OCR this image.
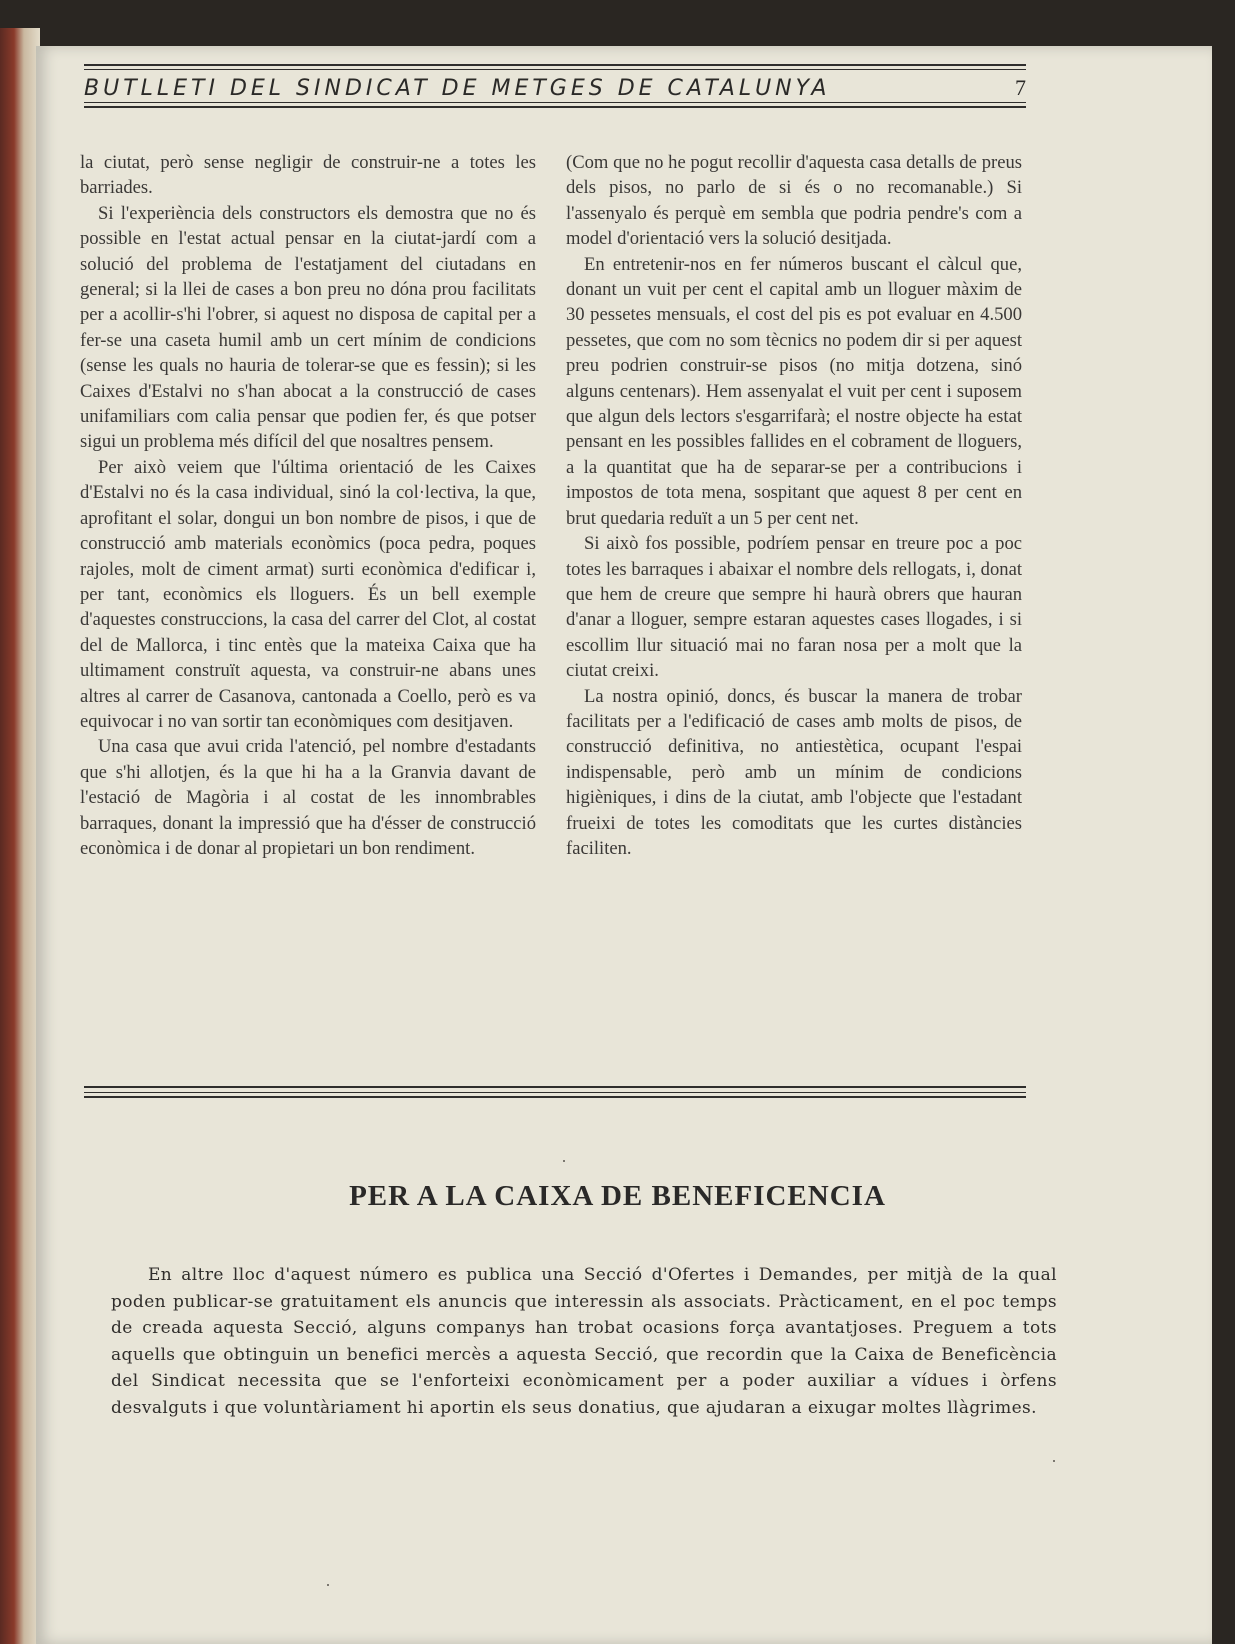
BUTLLETI DEL SINDICAT DE METGES DE CATALUNYA	7

la ciutat, però sense negligir de construir-ne a totes les barriades.

Si l'experiència dels constructors els demostra que no és possible en l'estat actual pensar en la ciutat-jardí com a solució del problema de l'estatjament del ciutadans en general; si la llei de cases a bon preu no dóna prou facilitats per a acollir-s'hi l'obrer, si aquest no disposa de capital per a fer-se una caseta humil amb un cert mínim de condicions (sense les quals no hauria de tolerar-se que es fessin); si les Caixes d'Estalvi no s'han abocat a la construcció de cases unifamiliars com calia pensar que podien fer, és que potser sigui un problema més difícil del que nosaltres pensem.

Per això veiem que l'última orientació de les Caixes d'Estalvi no és la casa individual, sinó la col·lectiva, la que, aprofitant el solar, dongui un bon nombre de pisos, i que de construcció amb materials econòmics (poca pedra, poques rajoles, molt de ciment armat) surti econòmica d'edificar i, per tant, econòmics els lloguers. És un bell exemple d'aquestes construccions, la casa del carrer del Clot, al costat del de Mallorca, i tinc entès que la mateixa Caixa que ha ultimament construït aquesta, va construir-ne abans unes altres al carrer de Casanova, cantonada a Coello, però es va equivocar i no van sortir tan econòmiques com desitjaven.

Una casa que avui crida l'atenció, pel nombre d'estadants que s'hi allotjen, és la que hi ha a la Granvia davant de l'estació de Magòria i al costat de les innombrables barraques, donant la impressió que ha d'ésser de construcció econòmica i de donar al propietari un bon rendiment.

(Com que no he pogut recollir d'aquesta casa detalls de preus dels pisos, no parlo de si és o no recomanable.) Si l'assenyalo és perquè em sembla que podria pendre's com a model d'orientació vers la solució desitjada.

En entretenir-nos en fer números buscant el càlcul que, donant un vuit per cent el capital amb un lloguer màxim de 30 pessetes mensuals, el cost del pis es pot evaluar en 4.500 pessetes, que com no som tècnics no podem dir si per aquest preu podrien construir-se pisos (no mitja dotzena, sinó alguns centenars). Hem assenyalat el vuit per cent i suposem que algun dels lectors s'esgarrifarà; el nostre objecte ha estat pensant en les possibles fallides en el cobrament de lloguers, a la quantitat que ha de separar-se per a contribucions i impostos de tota mena, sospitant que aquest 8 per cent en brut quedaria reduït a un 5 per cent net.

Si això fos possible, podríem pensar en treure poc a poc totes les barraques i abaixar el nombre dels rellogats, i, donat que hem de creure que sempre hi haurà obrers que hauran d'anar a lloguer, sempre estaran aquestes cases llogades, i si escollim llur situació mai no faran nosa per a molt que la ciutat creixi.

La nostra opinió, doncs, és buscar la manera de trobar facilitats per a l'edificació de cases amb molts de pisos, de construcció definitiva, no antiestètica, ocupant l'espai indispensable, però amb un mínim de condicions higièniques, i dins de la ciutat, amb l'objecte que l'estadant frueixi de totes les comoditats que les curtes distàncies faciliten.

PER A LA CAIXA DE BENEFICENCIA

En altre lloc d'aquest número es publica una Secció d'Ofertes i Demandes, per mitjà de la qual poden publicar-se gratuitament els anuncis que interessin als associats. Pràcticament, en el poc temps de creada aquesta Secció, alguns companys han trobat ocasions força avantatjoses. Preguem a tots aquells que obtinguin un benefici mercès a aquesta Secció, que recordin que la Caixa de Beneficència del Sindicat necessita que se l'enforteixi econòmicament per a poder auxiliar a vídues i òrfens desvalguts i que voluntàriament hi aportin els seus donatius, que ajudaran a eixugar moltes llàgrimes.
